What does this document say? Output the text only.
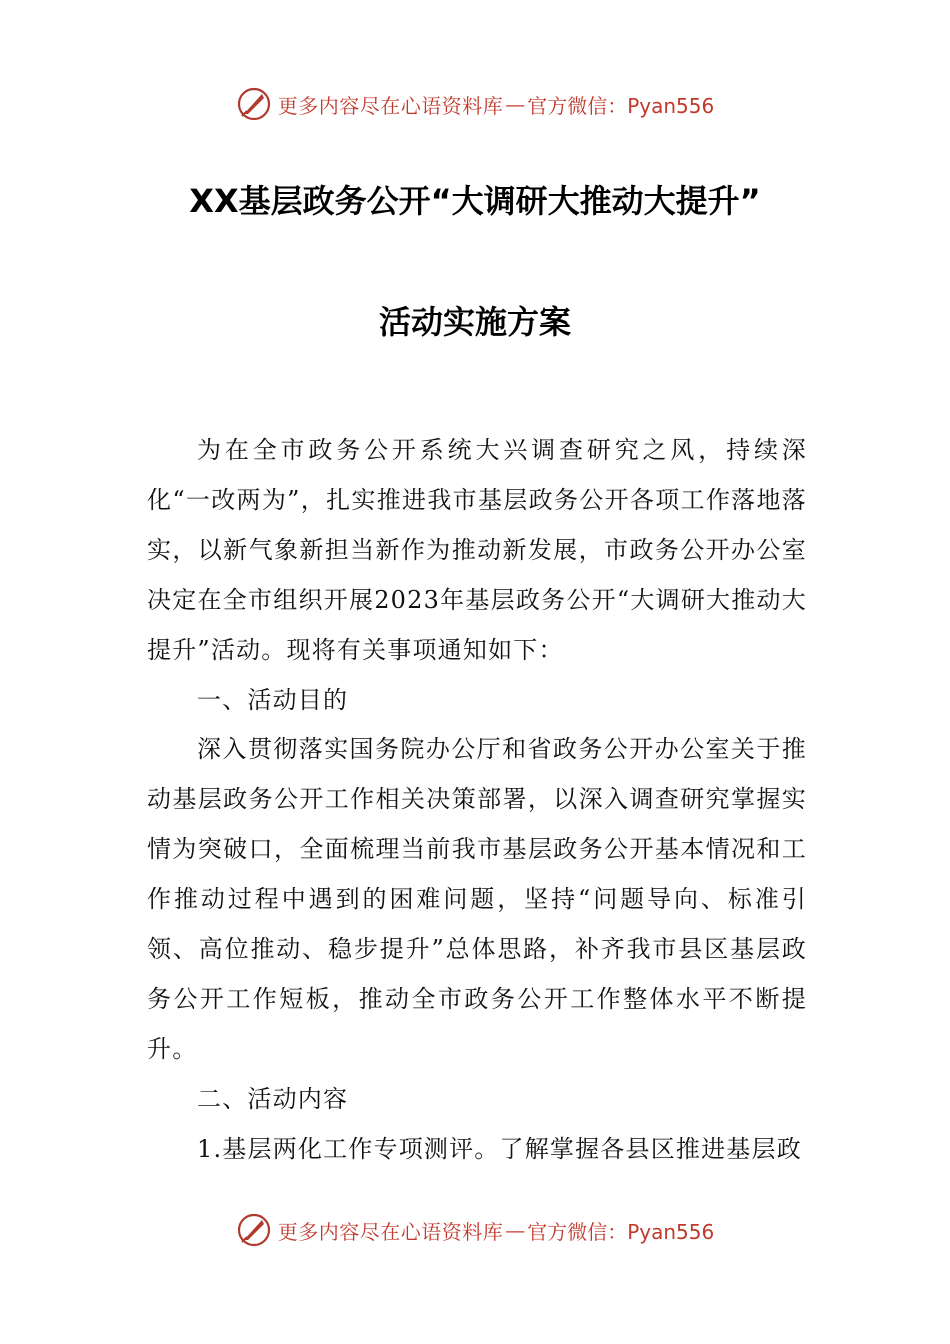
更多内容尽在心语资料库 — 官方微信：Pyan556
XX基层政务公开“大调研大推动大提升”
活动实施方案

为在全市政务公开系统大兴调查研究之风，持续深化“一改两为”，扎实推进我市基层政务公开各项工作落地落实，以新气象新担当新作为推动新发展，市政务公开办公室决定在全市组织开展2023年基层政务公开“大调研大推动大提升”活动。现将有关事项通知如下：

一、活动目的

深入贯彻落实国务院办公厅和省政务公开办公室关于推动基层政务公开工作相关决策部署，以深入调查研究掌握实情为突破口，全面梳理当前我市基层政务公开基本情况和工作推动过程中遇到的困难问题，坚持“问题导向、标准引领、高位推动、稳步提升”总体思路，补齐我市县区基层政务公开工作短板，推动全市政务公开工作整体水平不断提升。

二、活动内容

1.基层两化工作专项测评。了解掌握各县区推进基层政

更多内容尽在心语资料库 — 官方微信：Pyan556
